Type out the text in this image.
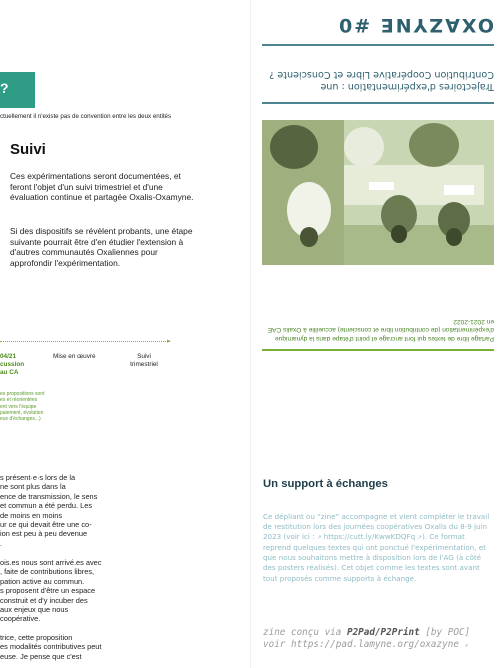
?
ctuellement il n'existe pas de convention entre les deux entités
Suivi
Ces expérimentations seront documentées, et feront l'objet d'un suivi trimestriel et d'une évaluation continue et partagée Oxalis-Oxamyne.
Si des dispositifs se révèlent probants, une étape suivante pourrait être d'en étudier l'extension à d'autres communautés Oxaliennes pour approfondir l'expérimentation.
▸
04/21
cussion
au CA
Mise en œuvre	Suivi
trimestriel
es propositions sont
es et réorientées
ent vers l'équipe
paiement, évolution
eux d'échanges...)
s présent·e·s lors de la
ne sont plus dans la
ence de transmission, le sens
et commun a été perdu. Les
de moins en moins
ur ce qui devait être une co-
ion est peu à peu devenue
.
ois.es nous sont arrivé.es avec
, faite de contributions libres,
pation active au commun.
s proposent d'être un espace
construit et d'y incuber des
aux enjeux que nous
coopérative.
trice, cette proposition
es modalités contributives peut
euse. Je pense que c'est
Partage libre de textes qui font ancrage et point d'étape dans la dynamique d'expérimentation (de contribution libre et consciente) accueillie à Oxalis CAE en 2021-2022
Trajectoires d'expérimentation : une Contribution Coopérative Libre et Consciente ?
OXAZYNE #0
Un support à échanges
Ce dépliant ou “zine” accompagne et vient compléter le travail de restitution lors des journées coopératives Oxalis du 8-9 juin 2023 (voir ici : ↗ https://cutt.ly/KwwKDQFq ↗). Ce format reprend quelques textes qui ont ponctué l'expérimentation, et que nous souhaitons mettre à disposition lors de l'AG (à côté des posters réalisés). Cet objet comme les textes sont avant tout proposés comme supports à échange.
zine conçu via P2Pad/P2Print [by POC] voir https://pad.lamyne.org/oxazyne ↗
